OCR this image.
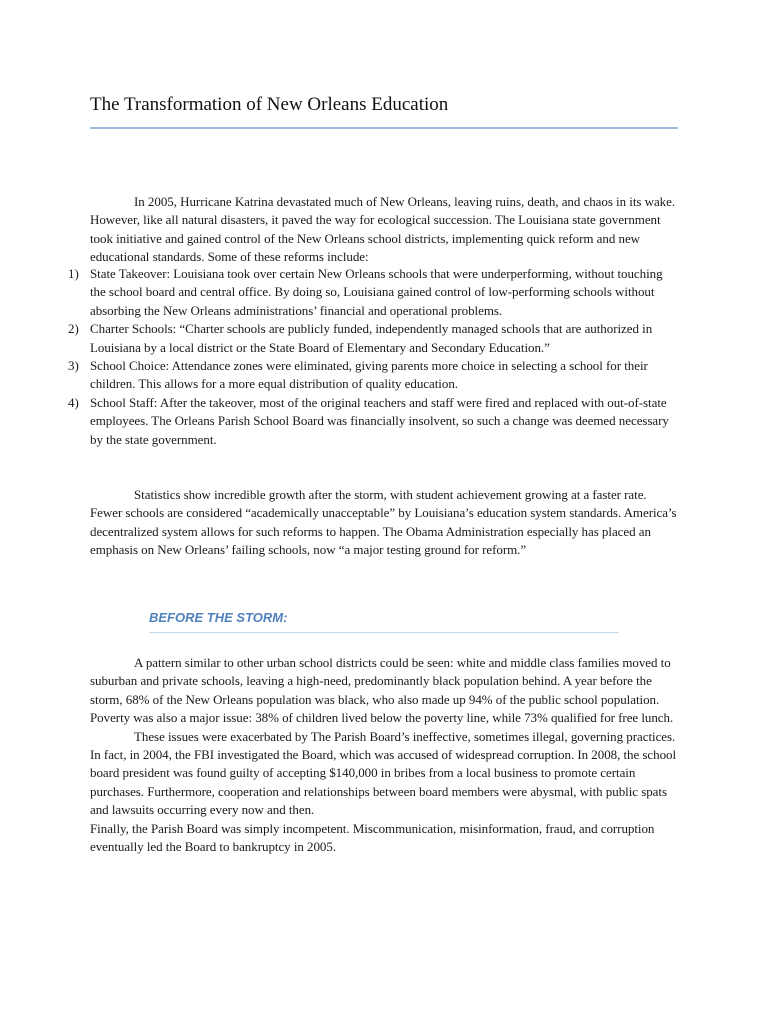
The Transformation of New Orleans Education

In 2005, Hurricane Katrina devastated much of New Orleans, leaving ruins, death, and chaos in its wake. However, like all natural disasters, it paved the way for ecological succession. The Louisiana state government took initiative and gained control of the New Orleans school districts, implementing quick reform and new educational standards. Some of these reforms include:

1) State Takeover: Louisiana took over certain New Orleans schools that were underperforming, without touching the school board and central office. By doing so, Louisiana gained control of low-performing schools without absorbing the New Orleans administrations’ financial and operational problems.
2) Charter Schools: “Charter schools are publicly funded, independently managed schools that are authorized in Louisiana by a local district or the State Board of Elementary and Secondary Education.”
3) School Choice: Attendance zones were eliminated, giving parents more choice in selecting a school for their children. This allows for a more equal distribution of quality education.
4) School Staff: After the takeover, most of the original teachers and staff were fired and replaced with out-of-state employees. The Orleans Parish School Board was financially insolvent, so such a change was deemed necessary by the state government.

Statistics show incredible growth after the storm, with student achievement growing at a faster rate. Fewer schools are considered “academically unacceptable” by Louisiana’s education system standards. America’s decentralized system allows for such reforms to happen. The Obama Administration especially has placed an emphasis on New Orleans’ failing schools, now “a major testing ground for reform.”

BEFORE THE STORM:

A pattern similar to other urban school districts could be seen: white and middle class families moved to suburban and private schools, leaving a high-need, predominantly black population behind. A year before the storm, 68% of the New Orleans population was black, who also made up 94% of the public school population. Poverty was also a major issue: 38% of children lived below the poverty line, while 73% qualified for free lunch.

These issues were exacerbated by The Parish Board’s ineffective, sometimes illegal, governing practices. In fact, in 2004, the FBI investigated the Board, which was accused of widespread corruption. In 2008, the school board president was found guilty of accepting $140,000 in bribes from a local business to promote certain purchases. Furthermore, cooperation and relationships between board members were abysmal, with public spats and lawsuits occurring every now and then.

Finally, the Parish Board was simply incompetent. Miscommunication, misinformation, fraud, and corruption eventually led the Board to bankruptcy in 2005.
